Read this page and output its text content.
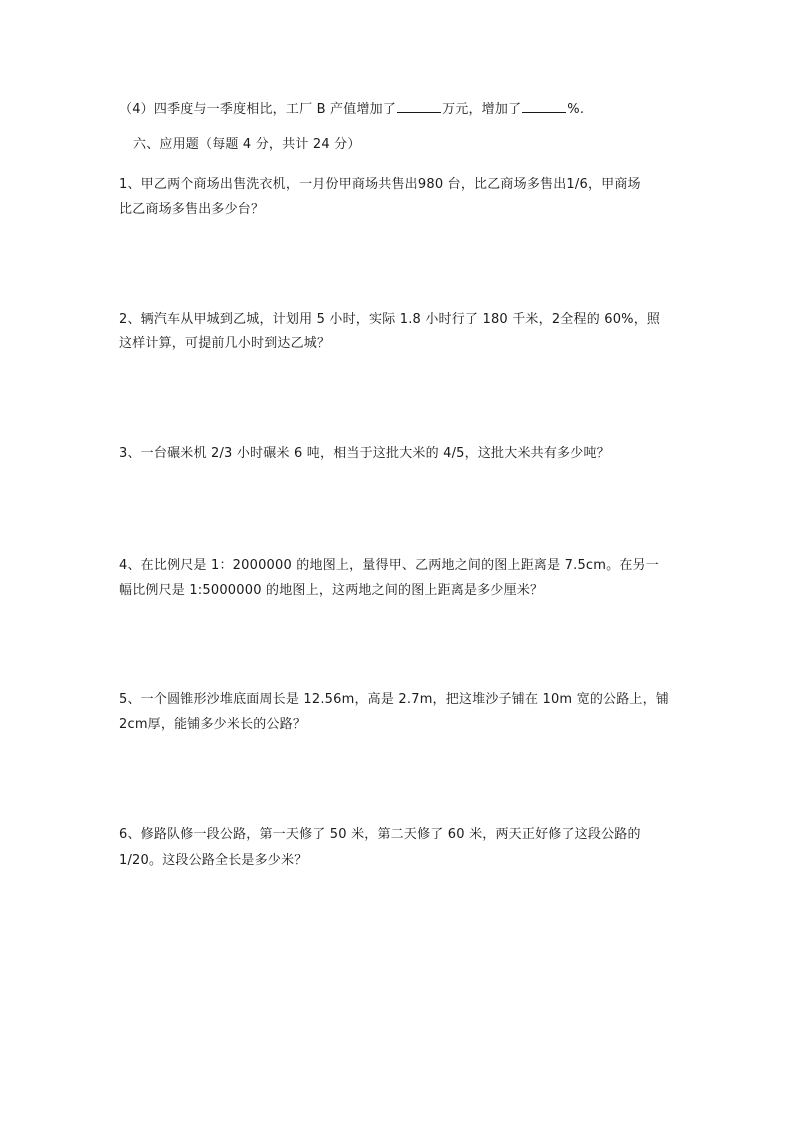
（4）四季度与一季度相比，工厂 B 产值增加了	万元，增加了	%.
六、应用题（每题 4 分，共计 24 分）
1、甲乙两个商场出售洗衣机，一月份甲商场共售出980 台，比乙商场多售出1/6，甲商场
比乙商场多售出多少台？
2、辆汽车从甲城到乙城，计划用 5 小时，实际 1.8 小时行了 180 千米，2全程的 60%，照
这样计算，可提前几小时到达乙城？
3、一台碾米机 2/3 小时碾米 6 吨，相当于这批大米的 4/5，这批大米共有多少吨？
4、在比例尺是 1：2000000 的地图上，量得甲、乙两地之间的图上距离是 7.5cm。在另一
幅比例尺是 1:5000000 的地图上，这两地之间的图上距离是多少厘米？
5、一个圆锥形沙堆底面周长是 12.56m，高是 2.7m，把这堆沙子铺在 10m 宽的公路上，铺
2cm厚，能铺多少米长的公路？
6、修路队修一段公路，第一天修了 50 米，第二天修了 60 米，两天正好修了这段公路的
1/20。这段公路全长是多少米？
